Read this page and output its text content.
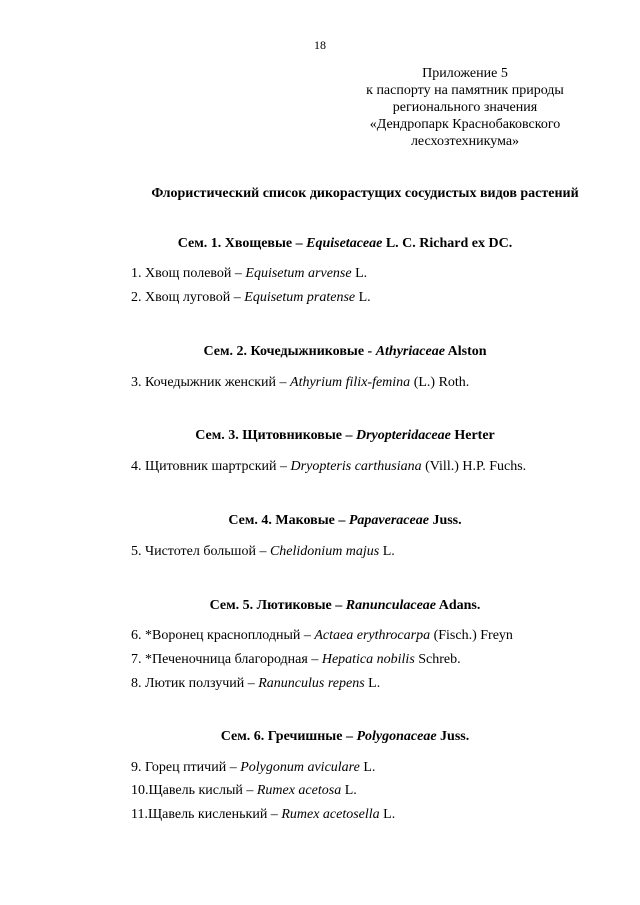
18
Приложение 5
к паспорту на памятник природы
регионального значения
«Дендропарк Краснобаковского
лесхозтехникума»
Флористический список дикорастущих сосудистых видов растений
Сем. 1. Хвощевые – Equisetaceae L. C. Richard ex DC.
1. Хвощ полевой – Equisetum arvense L.
2. Хвощ луговой – Equisetum pratense L.
Сем. 2. Кочедыжниковые - Athyriaceae Alston
3. Кочедыжник женский – Athyrium filix-femina (L.) Roth.
Сем. 3. Щитовниковые – Dryopteridaceae Herter
4. Щитовник шартрский – Dryopteris carthusiana (Vill.) H.P. Fuchs.
Сем. 4. Маковые – Papaveraceae Juss.
5. Чистотел большой – Chelidonium majus L.
Сем. 5. Лютиковые – Ranunculaceae Adans.
6. *Воронец красноплодный – Actaea erythrocarpa (Fisch.) Freyn
7. *Печеночница благородная – Hepatica nobilis Schreb.
8. Лютик ползучий – Ranunculus repens L.
Сем. 6. Гречишные – Polygonaceae Juss.
9. Горец птичий – Polygonum aviculare L.
10.Щавель кислый – Rumex acetosa L.
11.Щавель кисленький – Rumex acetosella L.
